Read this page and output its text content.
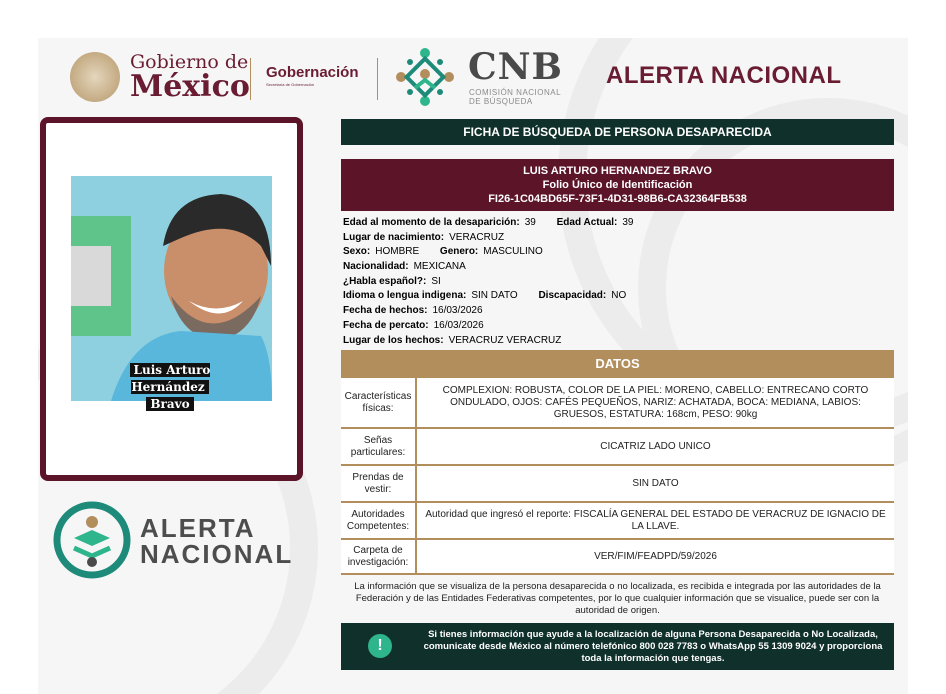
Gobierno de
México Gobernación
Secretaría de Gobernación	CNB
COMISIÓN NACIONAL
DE BÚSQUEDA
ALERTA NACIONAL
Luis Arturo Hernández
Bravo
ALERTA
NACIONAL
FICHA DE BÚSQUEDA DE PERSONA DESAPARECIDA
LUIS ARTURO HERNANDEZ BRAVO
Folio Único de Identificación
FI26-1C04BD65F-73F1-4D31-98B6-CA32364FB538
Edad al momento de la desaparición: 39 Edad Actual: 39
Lugar de nacimiento: VERACRUZ
Sexo: HOMBRE Genero: MASCULINO
Nacionalidad: MEXICANA
¿Habla español?: SI
Idioma o lengua indigena: SIN DATO Discapacidad: NO
Fecha de hechos: 16/03/2026
Fecha de percato: 16/03/2026
Lugar de los hechos: VERACRUZ VERACRUZ
DATOS
Características físicas:
COMPLEXION: ROBUSTA, COLOR DE LA PIEL: MORENO, CABELLO: ENTRECANO CORTO ONDULADO, OJOS: CAFÉS PEQUEÑOS, NARIZ: ACHATADA, BOCA: MEDIANA, LABIOS: GRUESOS, ESTATURA: 168cm, PESO: 90kg
Señas particulares:
CICATRIZ LADO UNICO
Prendas de vestir:
SIN DATO
Autoridades Competentes:
Autoridad que ingresó el reporte: FISCALÍA GENERAL DEL ESTADO DE VERACRUZ DE IGNACIO DE LA LLAVE.
Carpeta de investigación:
VER/FIM/FEADPD/59/2026
La información que se visualiza de la persona desaparecida o no localizada, es recibida e integrada por las autoridades de la Federación y de las Entidades Federativas competentes, por lo que cualquier información que se visualice, puede ser con la autoridad de origen.
!
Si tienes información que ayude a la localización de alguna Persona Desaparecida o No Localizada, comunicate desde México al número telefónico 800 028 7783 o WhatsApp 55 1309 9024 y proporciona toda la información que tengas.
